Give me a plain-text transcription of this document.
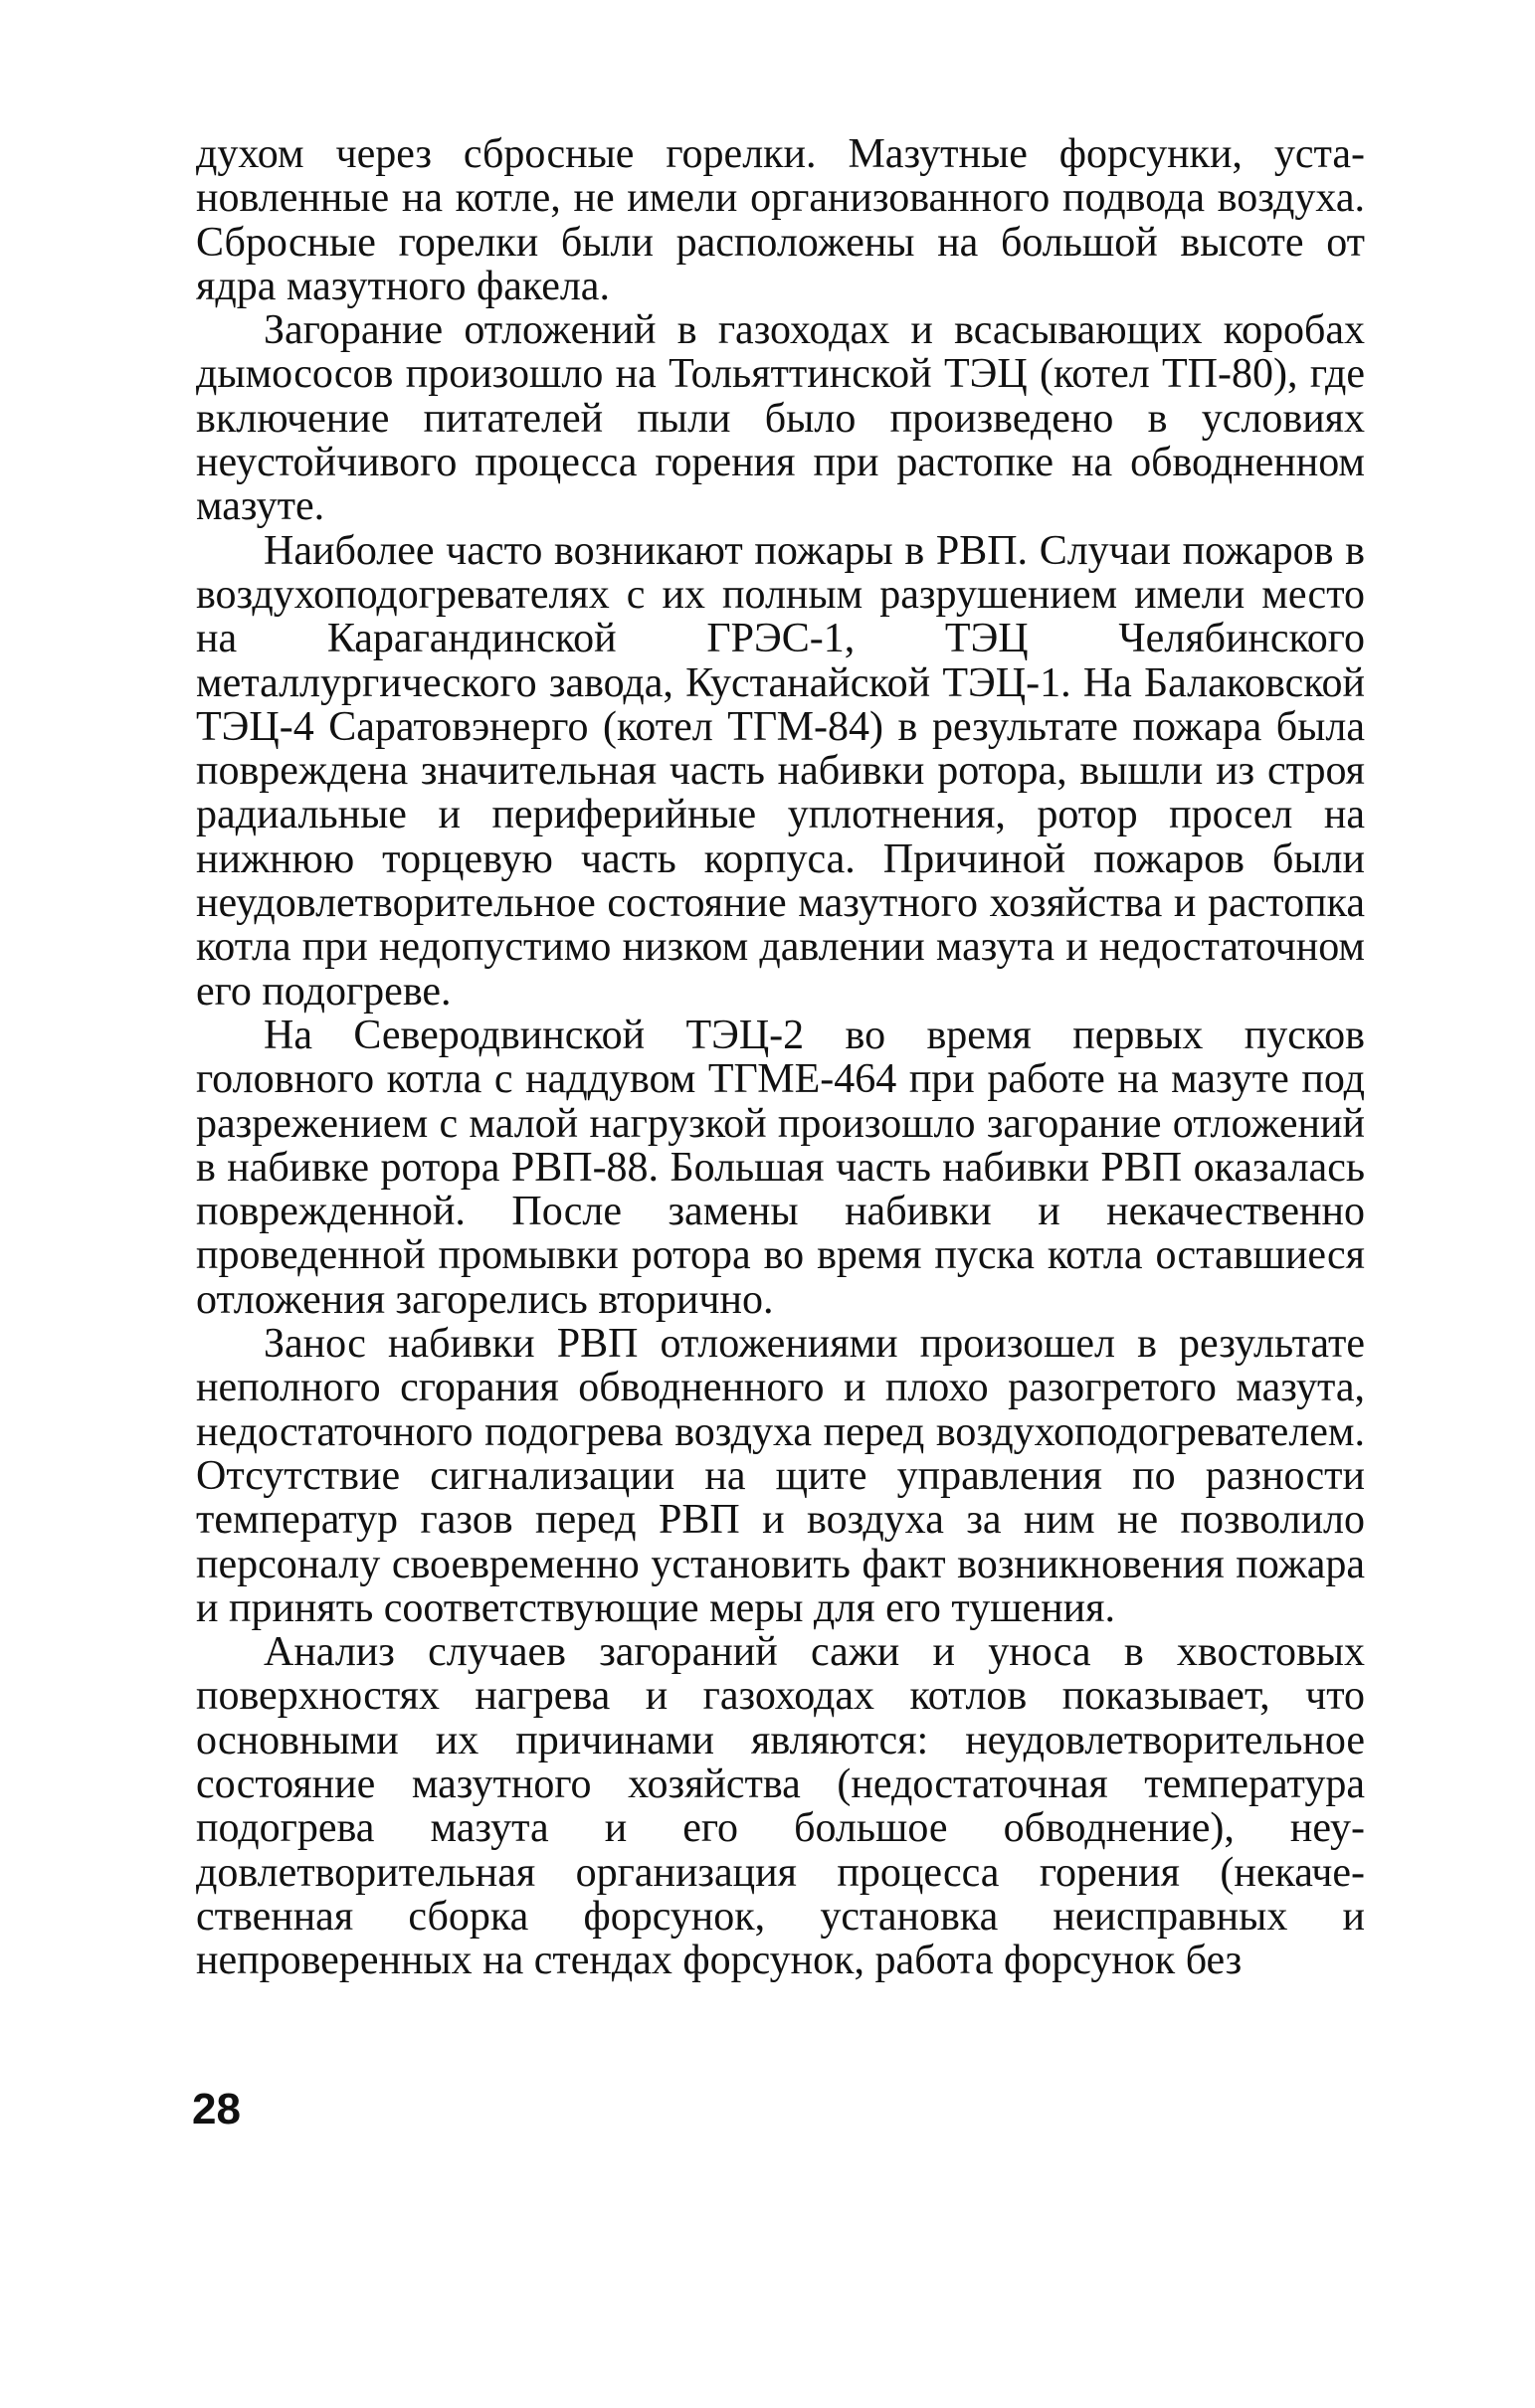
духом через сбросные горелки. Мазутные форсунки, установленные на котле, не имели организованного подвода воздуха. Сбросные горелки были расположены на большой высоте от ядра мазутного факела.

Загорание отложений в газоходах и всасывающих коробах дымососов произошло на Тольяттинской ТЭЦ (котел ТП-80), где включение питателей пыли было произведено в условиях неустойчивого процесса горения при растопке на обводненном мазуте.

Наиболее часто возникают пожары в РВП. Случаи пожаров в воздухоподогревателях с их полным разрушением имели место на Карагандинской ГРЭС-1, ТЭЦ Челябинского металлургического завода, Кустанайской ТЭЦ-1. На Балаковской ТЭЦ-4 Саратовэнерго (котел ТГМ-84) в результате пожара была повреждена значительная часть набивки ротора, вышли из строя радиальные и периферийные уплотнения, ротор просел на нижнюю торцевую часть корпуса. Причиной пожаров были неудовлетворительное состояние мазутного хозяйства и растопка котла при недопустимо низком давлении мазута и недостаточном его подогреве.

На Северодвинской ТЭЦ-2 во время первых пусков головного котла с наддувом ТГМЕ-464 при работе на мазуте под разрежением с малой нагрузкой произошло загорание отложений в набивке ротора РВП-88. Большая часть набивки РВП оказалась поврежденной. После замены набивки и некачественно проведенной промывки ротора во время пуска котла оставшиеся отложения загорелись вторично.

Занос набивки РВП отложениями произошел в результате неполного сгорания обводненного и плохо разогретого мазута, недостаточного подогрева воздуха перед воздухоподогревателем. Отсутствие сигнализации на щите управления по разности температур газов перед РВП и воздуха за ним не позволило персоналу своевременно установить факт возникновения пожара и принять соответствующие меры для его тушения.

Анализ случаев загораний сажи и уноса в хвостовых поверхностях нагрева и газоходах котлов показывает, что основными их причинами являются: неудовлетворительное состояние мазутного хозяйства (недостаточная температура подогрева мазута и его большое обводнение), неудовлетворительная организация процесса горения (некачественная сборка форсунок, установка неисправных и непроверенных на стендах форсунок, работа форсунок без

28
